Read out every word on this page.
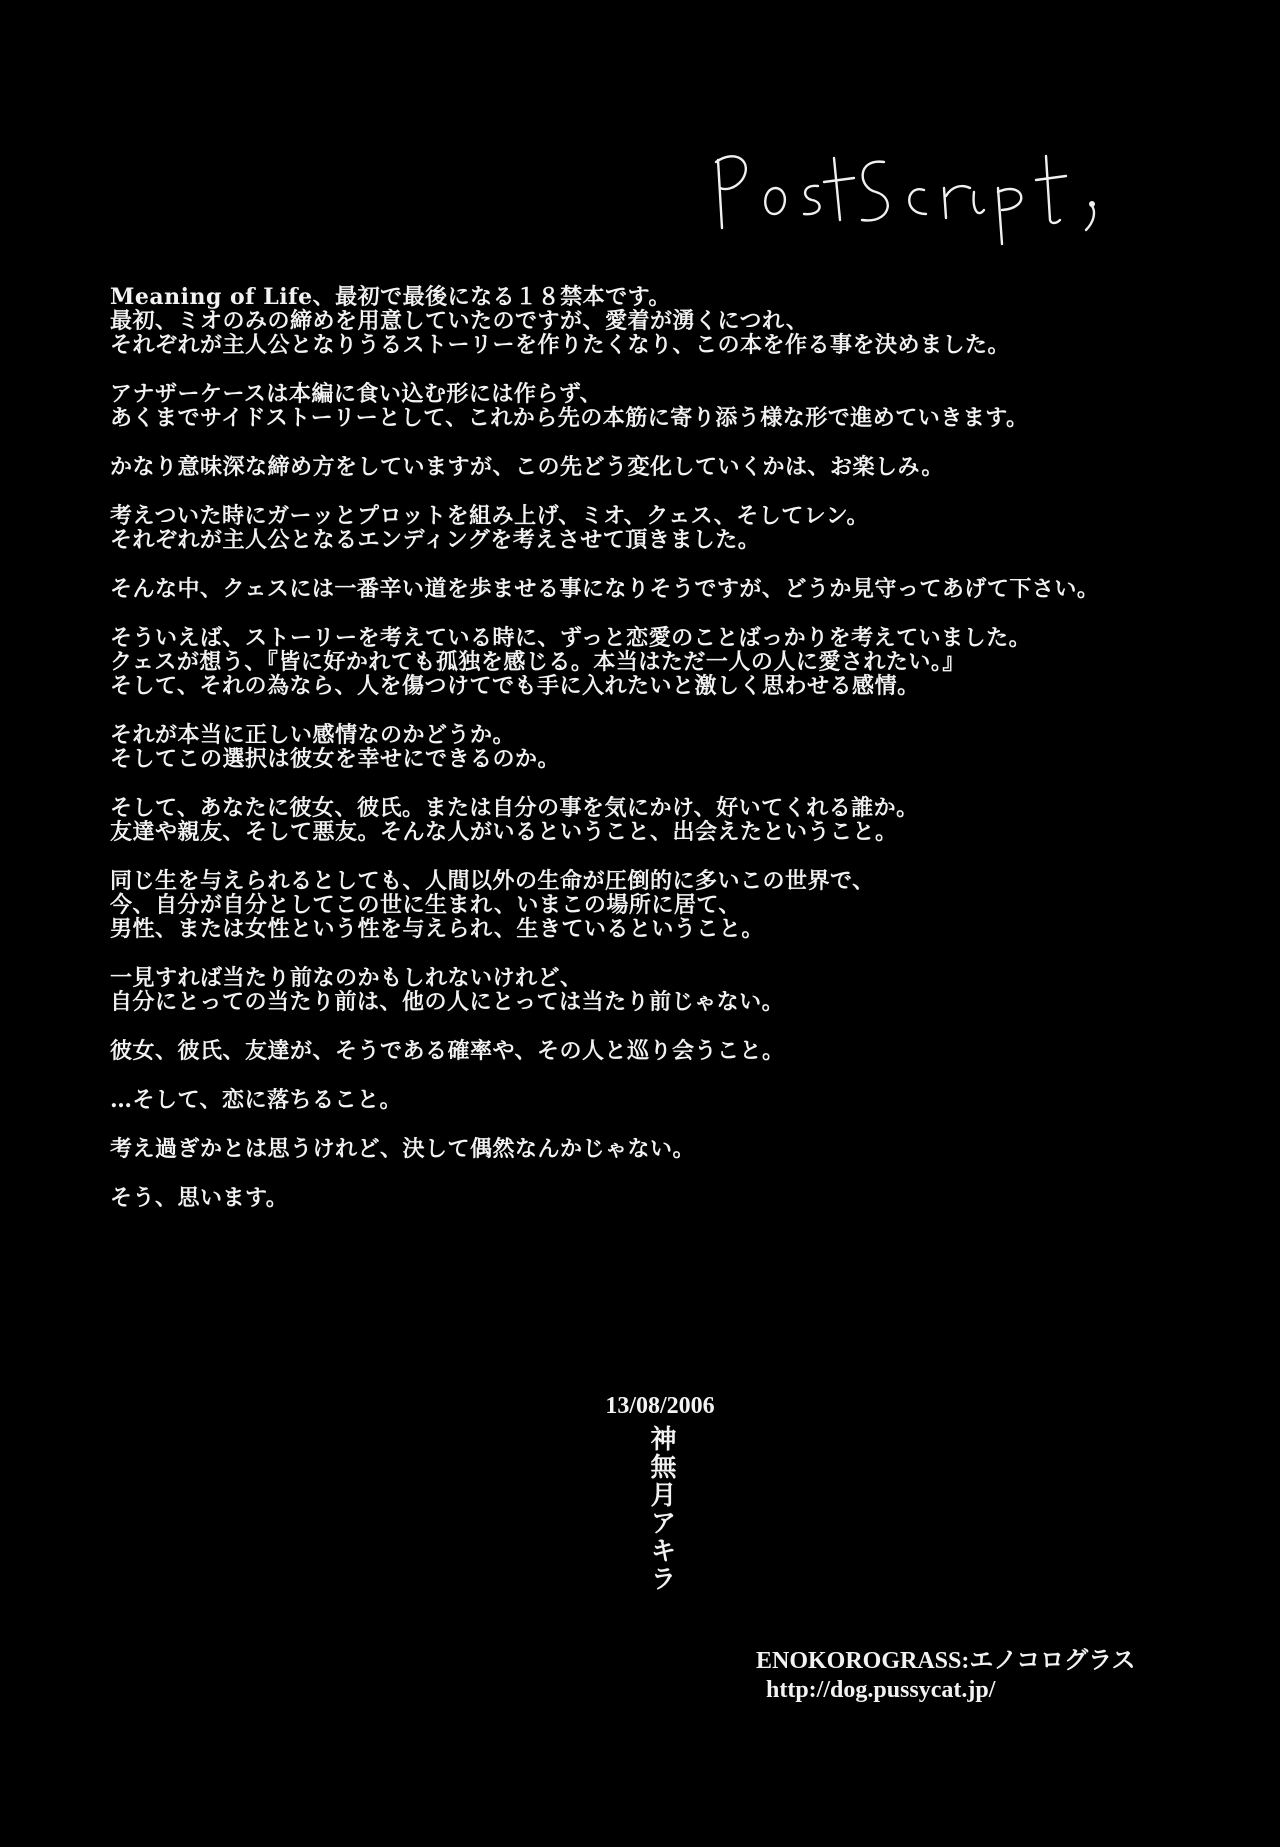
Meaning of Life、最初で最後になる１８禁本です。
最初、ミオのみの締めを用意していたのですが、愛着が湧くにつれ、
それぞれが主人公となりうるストーリーを作りたくなり、この本を作る事を決めました。
アナザーケースは本編に食い込む形には作らず、
あくまでサイドストーリーとして、これから先の本筋に寄り添う様な形で進めていきます。
かなり意味深な締め方をしていますが、この先どう変化していくかは、お楽しみ。
考えついた時にガーッとプロットを組み上げ、ミオ、クェス、そしてレン。
それぞれが主人公となるエンディングを考えさせて頂きました。
そんな中、クェスには一番辛い道を歩ませる事になりそうですが、どうか見守ってあげて下さい。
そういえば、ストーリーを考えている時に、ずっと恋愛のことばっかりを考えていました。
クェスが想う、『皆に好かれても孤独を感じる。本当はただ一人の人に愛されたい。』
そして、それの為なら、人を傷つけてでも手に入れたいと激しく思わせる感情。
それが本当に正しい感情なのかどうか。
そしてこの選択は彼女を幸せにできるのか。
そして、あなたに彼女、彼氏。または自分の事を気にかけ、好いてくれる誰か。
友達や親友、そして悪友。そんな人がいるということ、出会えたということ。
同じ生を与えられるとしても、人間以外の生命が圧倒的に多いこの世界で、
今、自分が自分としてこの世に生まれ、いまこの場所に居て、
男性、または女性という性を与えられ、生きているということ。
一見すれば当たり前なのかもしれないけれど、
自分にとっての当たり前は、他の人にとっては当たり前じゃない。
彼女、彼氏、友達が、そうである確率や、その人と巡り会うこと。
…そして、恋に落ちること。
考え過ぎかとは思うけれど、決して偶然なんかじゃない。
そう、思います。
13/08/2006
神無月アキラ
ENOKOROGRASS:エノコログラス
http://dog.pussycat.jp/
